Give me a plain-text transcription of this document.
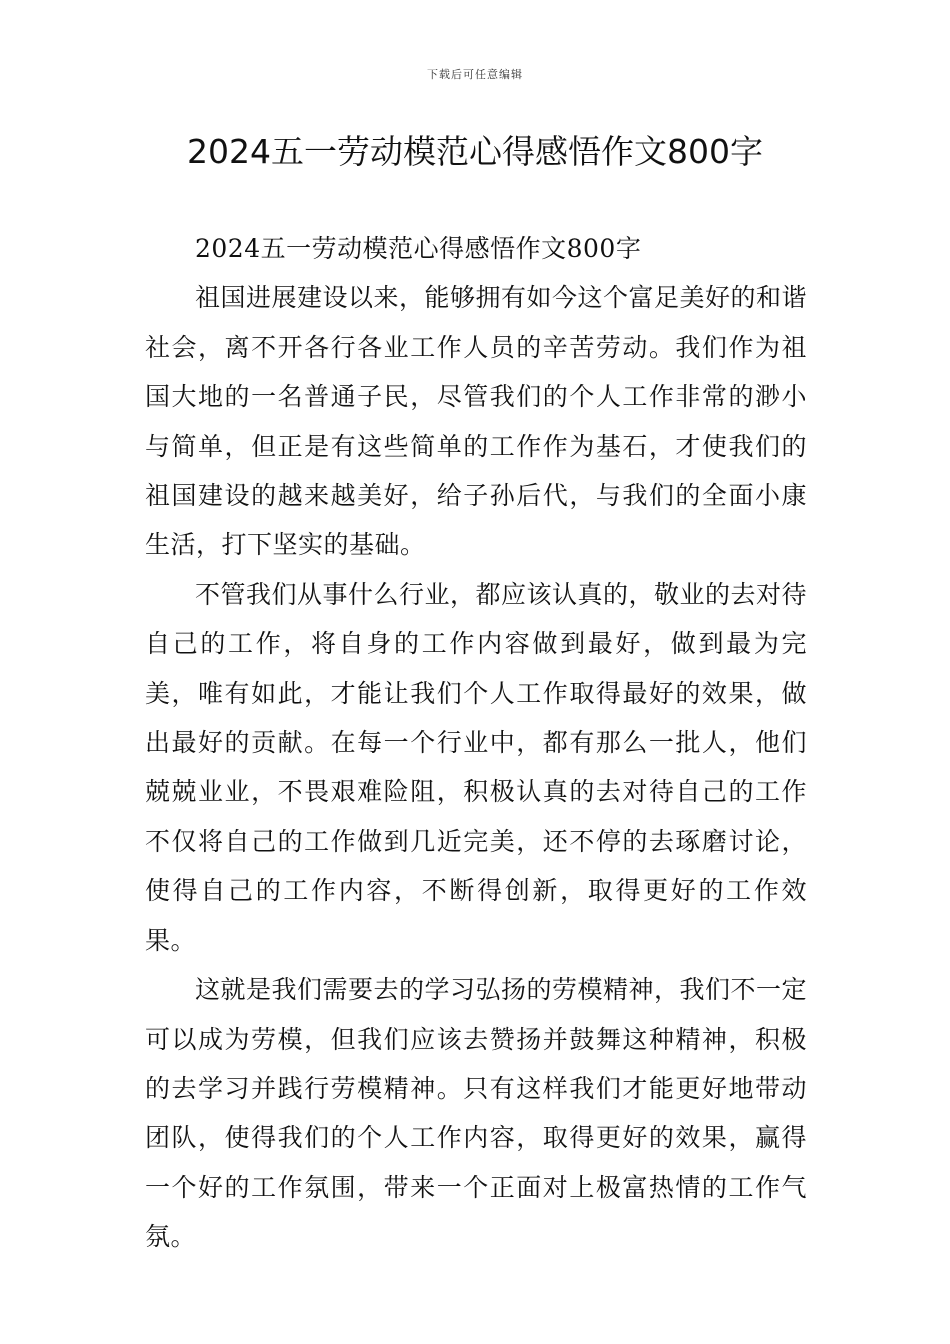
下载后可任意编辑
2024五一劳动模范心得感悟作文800字

2024五一劳动模范心得感悟作文800字

祖国进展建设以来，能够拥有如今这个富足美好的和谐社会，离不开各行各业工作人员的辛苦劳动。我们作为祖国大地的一名普通子民，尽管我们的个人工作非常的渺小与简单，但正是有这些简单的工作作为基石，才使我们的祖国建设的越来越美好，给子孙后代，与我们的全面小康生活，打下坚实的基础。

不管我们从事什么行业，都应该认真的，敬业的去对待自己的工作，将自身的工作内容做到最好，做到最为完美，唯有如此，才能让我们个人工作取得最好的效果，做出最好的贡献。在每一个行业中，都有那么一批人，他们兢兢业业，不畏艰难险阻，积极认真的去对待自己的工作不仅将自己的工作做到几近完美，还不停的去琢磨讨论，使得自己的工作内容，不断得创新，取得更好的工作效果。

这就是我们需要去的学习弘扬的劳模精神，我们不一定可以成为劳模，但我们应该去赞扬并鼓舞这种精神，积极的去学习并践行劳模精神。只有这样我们才能更好地带动团队，使得我们的个人工作内容，取得更好的效果，赢得一个好的工作氛围，带来一个正面对上极富热情的工作气氛。
